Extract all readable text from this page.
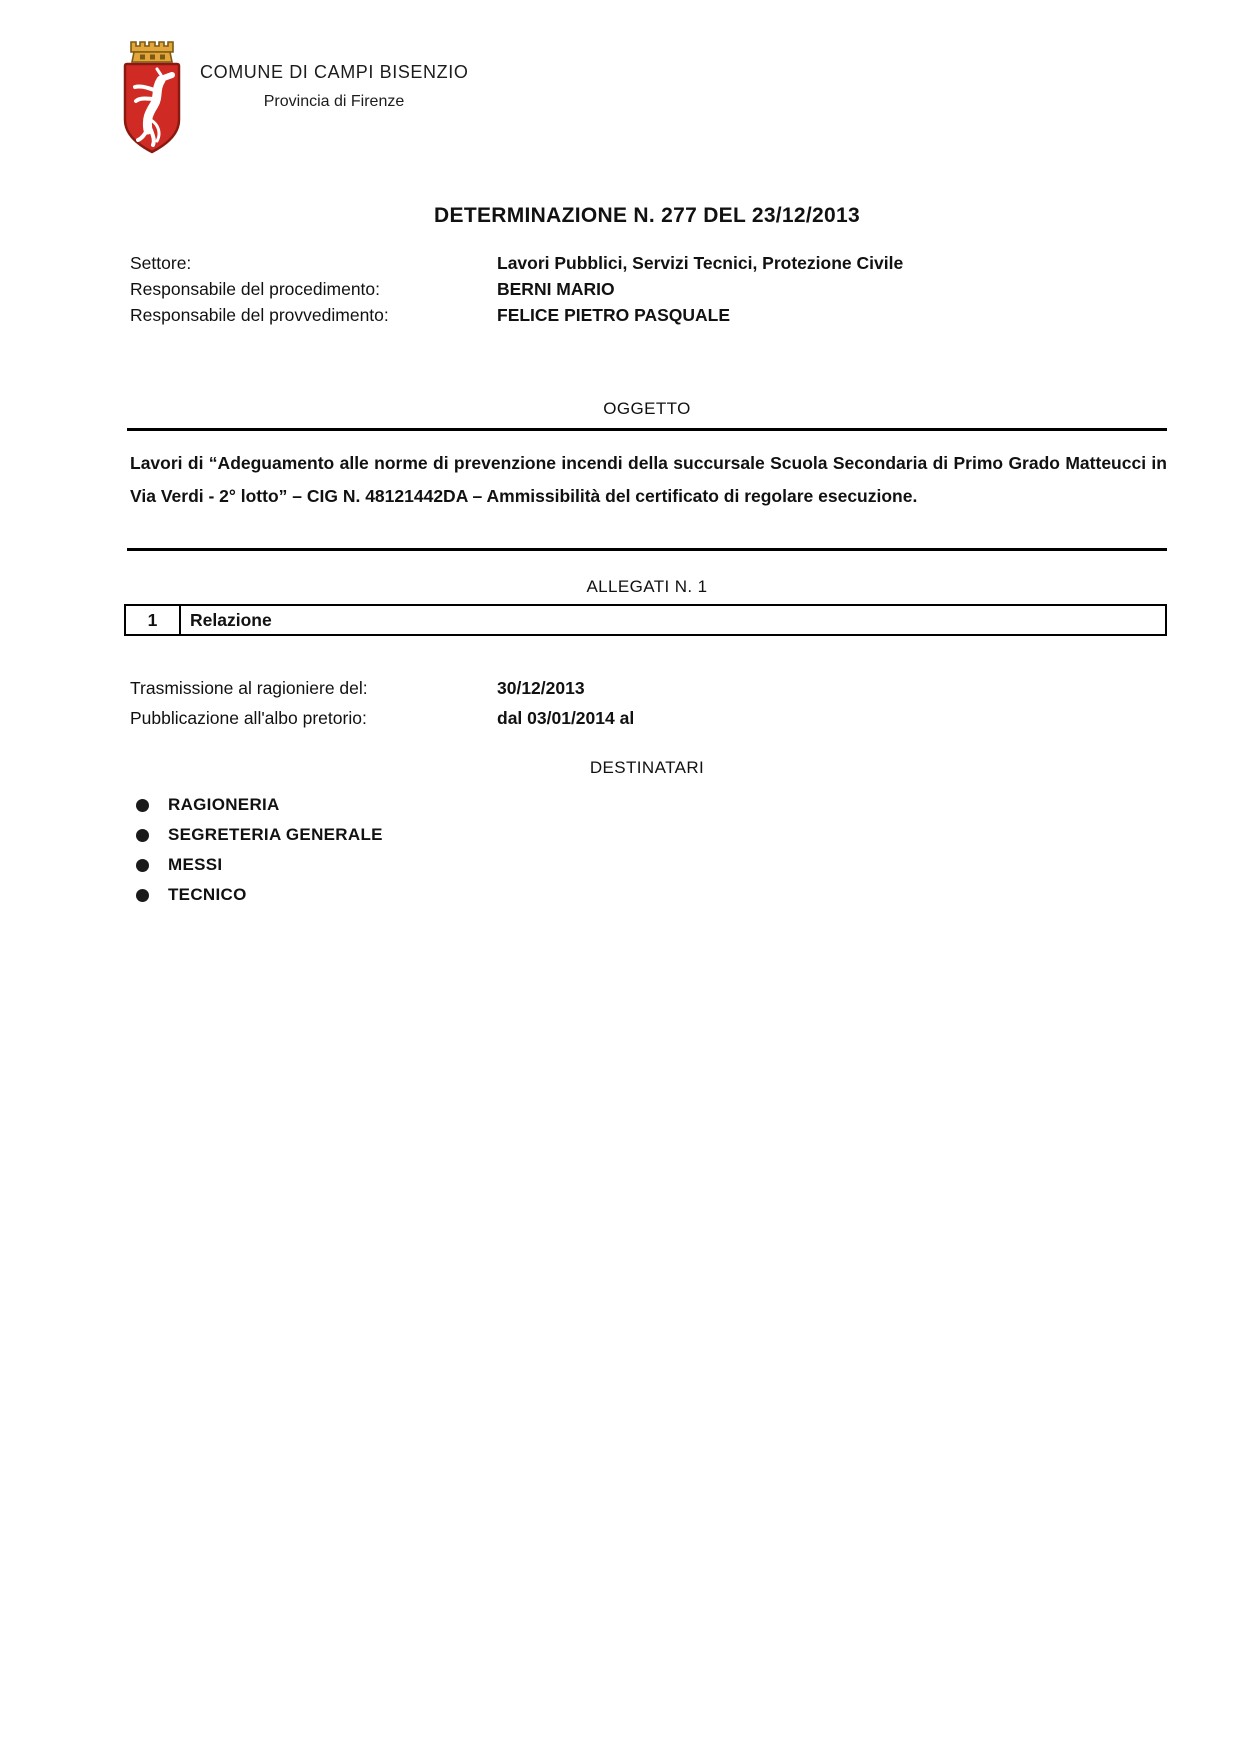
COMUNE DI CAMPI BISENZIO
Provincia di Firenze
DETERMINAZIONE N. 277 DEL 23/12/2013
Settore:	Lavori Pubblici, Servizi Tecnici, Protezione Civile
Responsabile del procedimento:	BERNI MARIO
Responsabile del provvedimento:	FELICE PIETRO PASQUALE
OGGETTO
Lavori di “Adeguamento alle norme di prevenzione incendi della succursale Scuola Secondaria di Primo Grado Matteucci in Via Verdi - 2° lotto” – CIG N. 48121442DA – Ammissibilità del certificato di regolare esecuzione.
ALLEGATI N. 1
1	Relazione
Trasmissione al ragioniere del:	30/12/2013
Pubblicazione all'albo pretorio:	dal 03/01/2014 al
DESTINATARI
RAGIONERIA
SEGRETERIA GENERALE
MESSI
TECNICO
